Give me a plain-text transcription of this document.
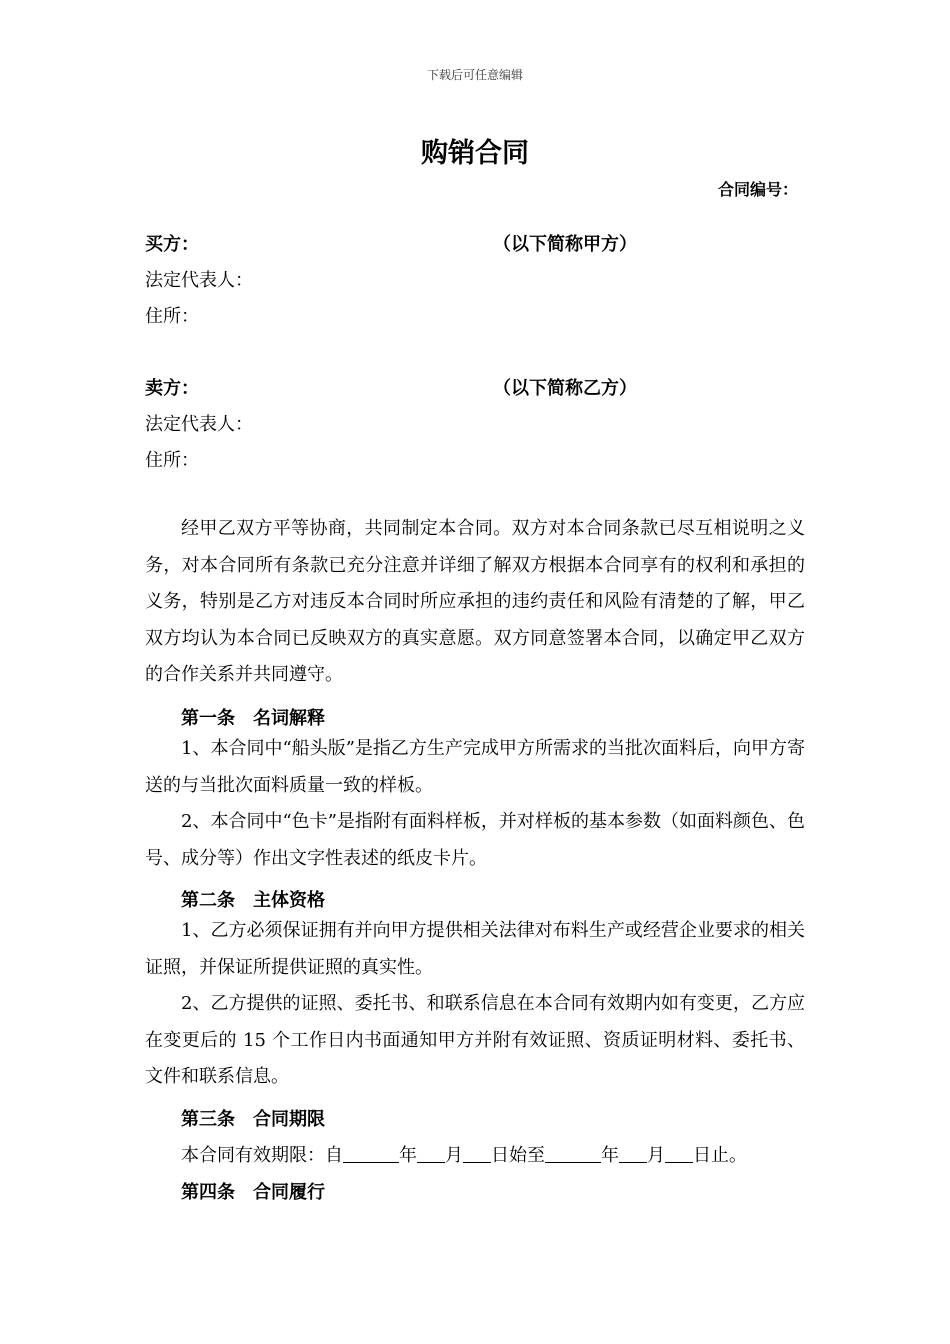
下载后可任意编辑
购销合同
合同编号：
买方：	（以下简称甲方）
法定代表人：
住所：
卖方：	（以下简称乙方）
法定代表人：
住所：
经甲乙双方平等协商，共同制定本合同。双方对本合同条款已尽互相说明之义务，对本合同所有条款已充分注意并详细了解双方根据本合同享有的权利和承担的义务，特别是乙方对违反本合同时所应承担的违约责任和风险有清楚的了解，甲乙双方均认为本合同已反映双方的真实意愿。双方同意签署本合同，以确定甲乙双方的合作关系并共同遵守。
第一条　名词解释
1、本合同中“船头版”是指乙方生产完成甲方所需求的当批次面料后，向甲方寄送的与当批次面料质量一致的样板。
2、本合同中“色卡”是指附有面料样板，并对样板的基本参数（如面料颜色、色号、成分等）作出文字性表述的纸皮卡片。
第二条　主体资格
1、乙方必须保证拥有并向甲方提供相关法律对布料生产或经营企业要求的相关证照，并保证所提供证照的真实性。
2、乙方提供的证照、委托书、和联系信息在本合同有效期内如有变更，乙方应在变更后的 15 个工作日内书面通知甲方并附有效证照、资质证明材料、委托书、文件和联系信息。
第三条　合同期限
本合同有效期限：自	年 月 日始至	年 月 日止。
第四条　合同履行
